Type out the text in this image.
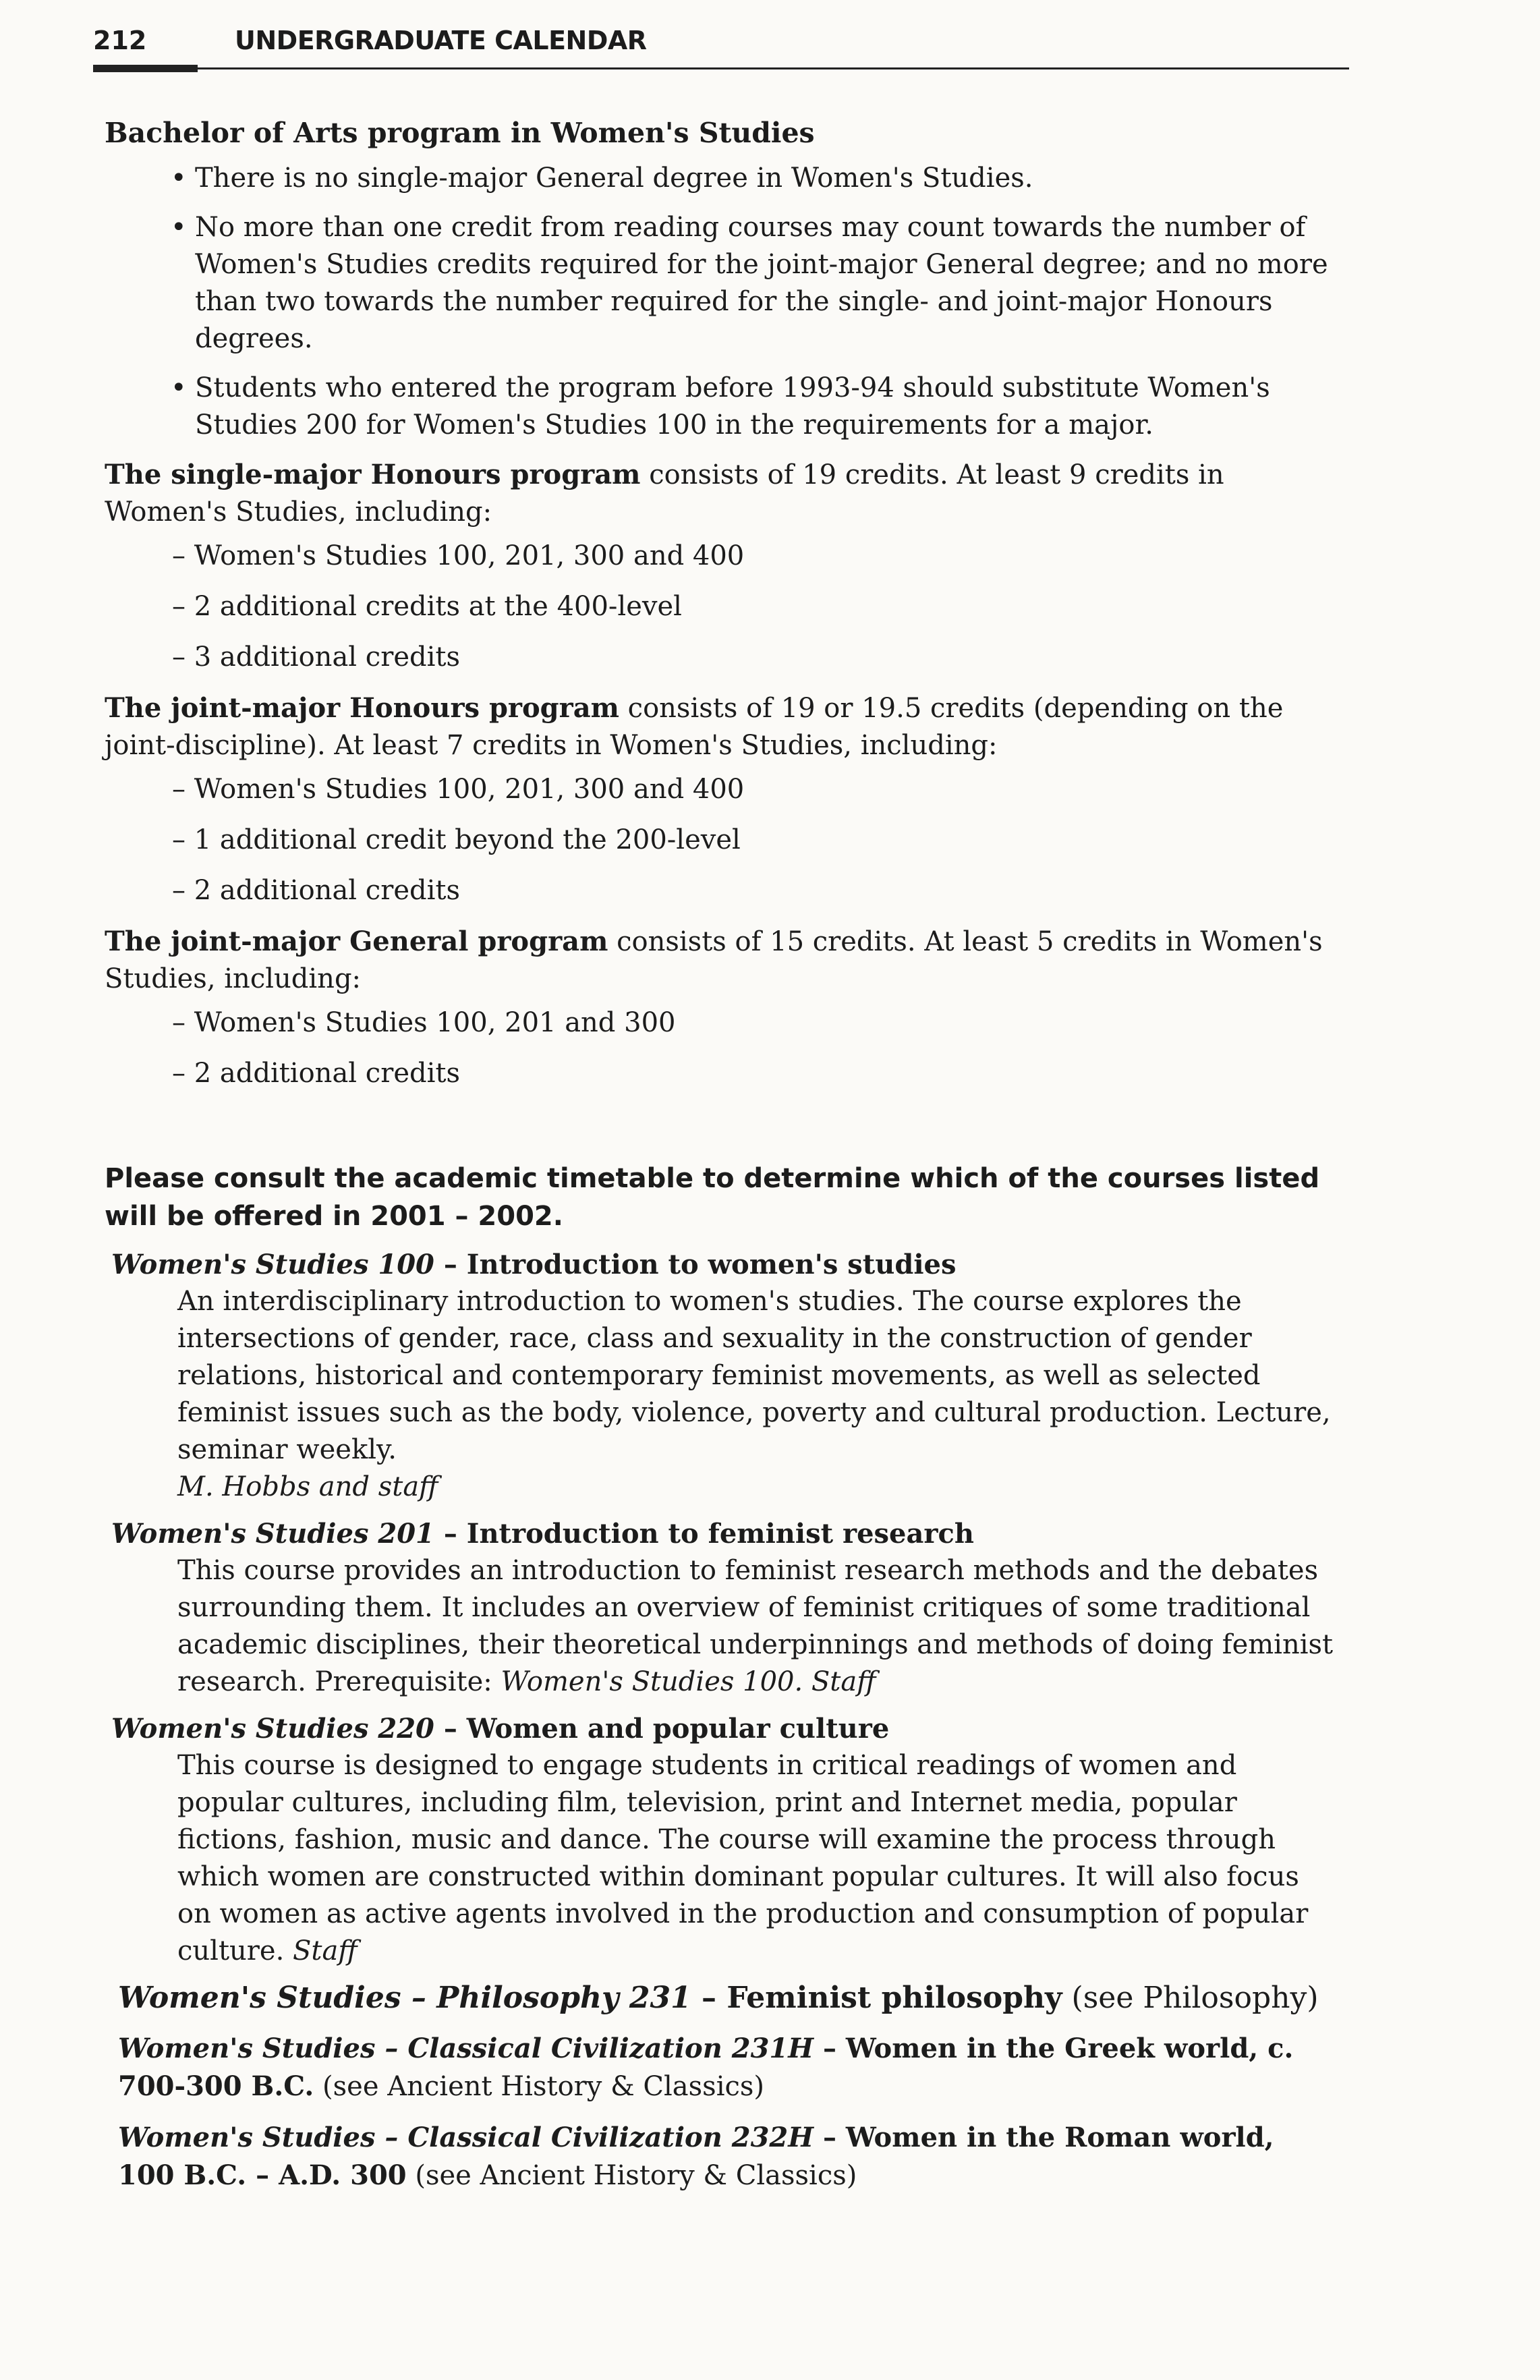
212	UNDERGRADUATE CALENDAR
Bachelor of Arts program in Women's Studies
• There is no single-major General degree in Women's Studies.
• No more than one credit from reading courses may count towards the number of Women's Studies credits required for the joint-major General degree; and no more than two towards the number required for the single- and joint-major Honours degrees.
• Students who entered the program before 1993-94 should substitute Women's Studies 200 for Women's Studies 100 in the requirements for a major.
The single-major Honours program consists of 19 credits. At least 9 credits in Women's Studies, including:
– Women's Studies 100, 201, 300 and 400
– 2 additional credits at the 400-level
– 3 additional credits
The joint-major Honours program consists of 19 or 19.5 credits (depending on the joint-discipline). At least 7 credits in Women's Studies, including:
– Women's Studies 100, 201, 300 and 400
– 1 additional credit beyond the 200-level
– 2 additional credits
The joint-major General program consists of 15 credits. At least 5 credits in Women's Studies, including:
– Women's Studies 100, 201 and 300
– 2 additional credits
Please consult the academic timetable to determine which of the courses listed
will be offered in 2001 – 2002.
Women's Studies 100 – Introduction to women's studies
An interdisciplinary introduction to women's studies. The course explores the intersections of gender, race, class and sexuality in the construction of gender relations, historical and contemporary feminist movements, as well as selected feminist issues such as the body, violence, poverty and cultural production. Lecture, seminar weekly.
M. Hobbs and staff
Women's Studies 201 – Introduction to feminist research
This course provides an introduction to feminist research methods and the debates surrounding them. It includes an overview of feminist critiques of some traditional academic disciplines, their theoretical underpinnings and methods of doing feminist research. Prerequisite: Women's Studies 100. Staff
Women's Studies 220 – Women and popular culture
This course is designed to engage students in critical readings of women and popular cultures, including film, television, print and Internet media, popular fictions, fashion, music and dance. The course will examine the process through which women are constructed within dominant popular cultures. It will also focus on women as active agents involved in the production and consumption of popular culture. Staff
Women's Studies – Philosophy 231 – Feminist philosophy (see Philosophy)
Women's Studies – Classical Civilization 231H – Women in the Greek world, c. 700-300 B.C. (see Ancient History & Classics)
Women's Studies – Classical Civilization 232H – Women in the Roman world, 100 B.C. – A.D. 300 (see Ancient History & Classics)
